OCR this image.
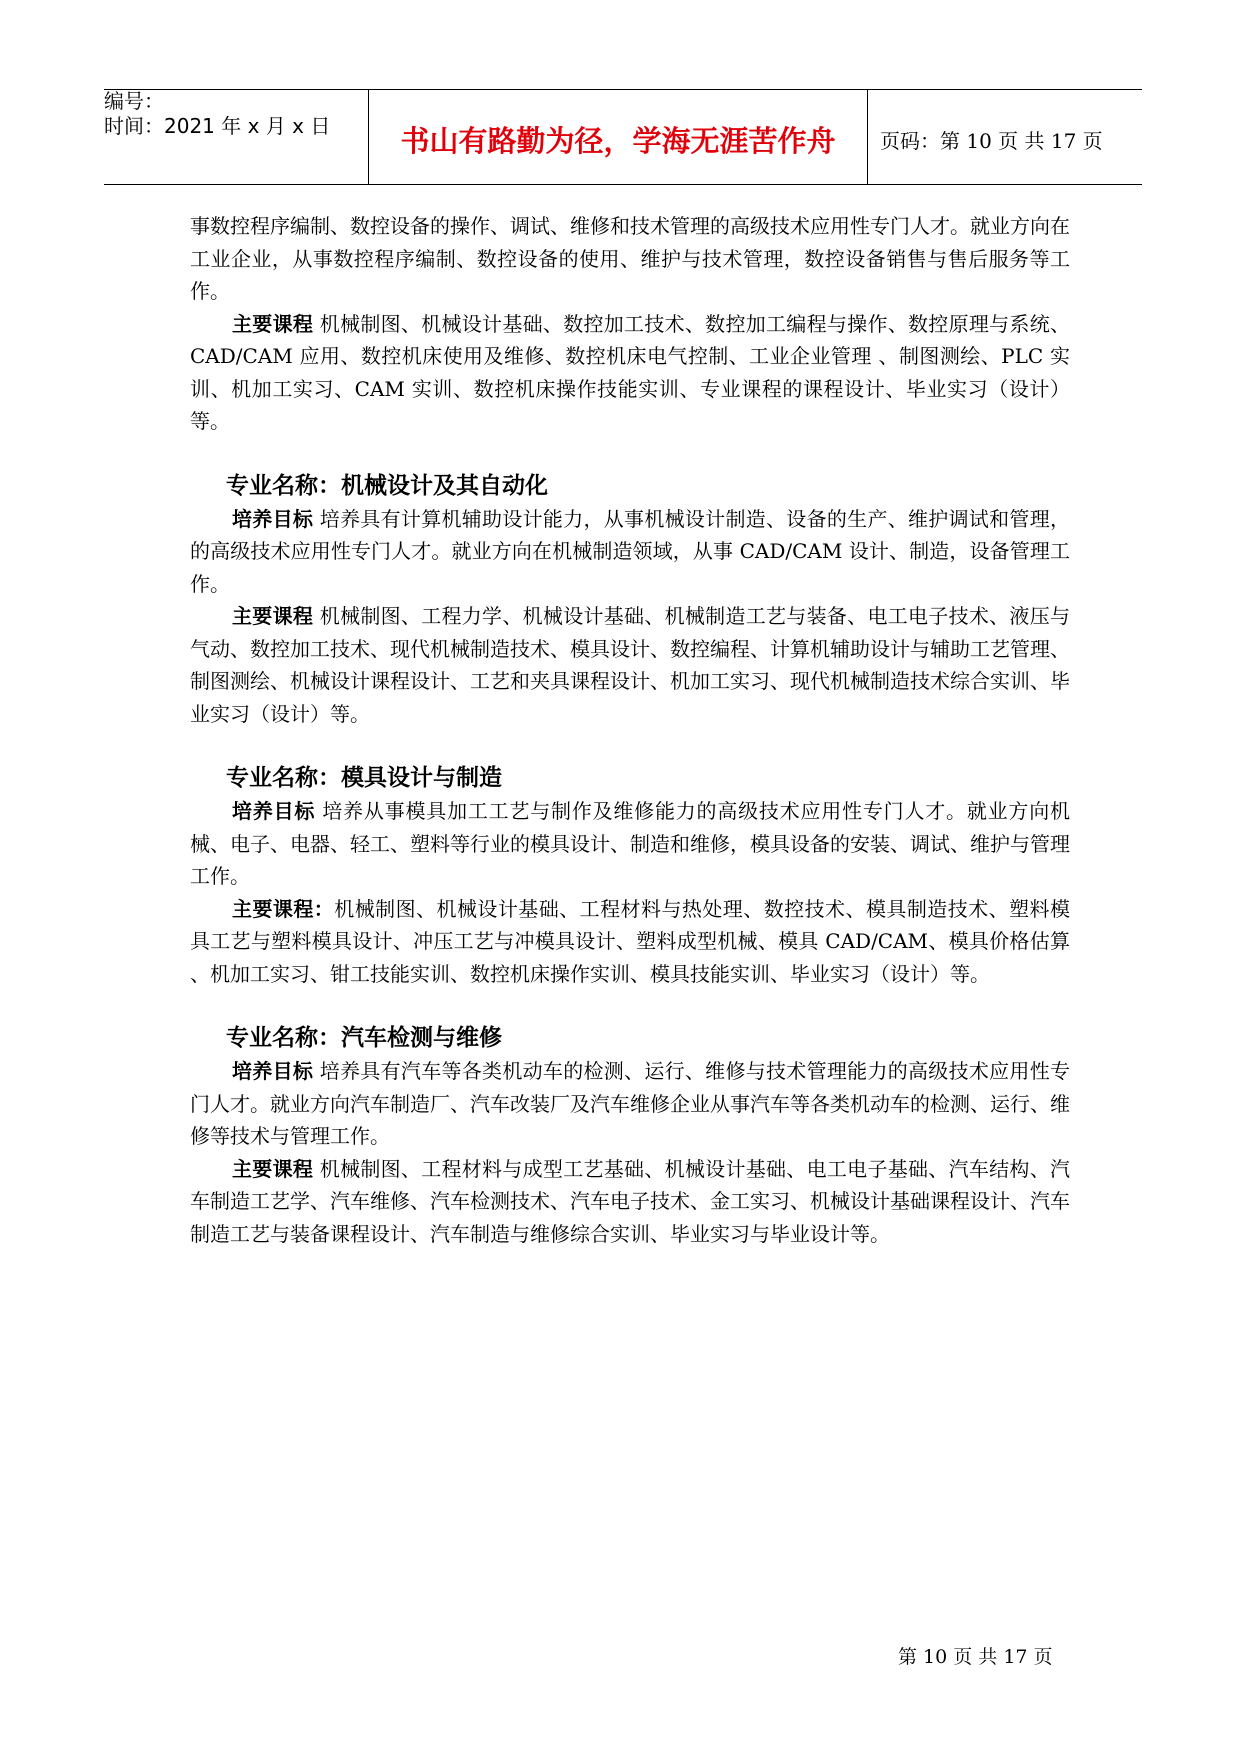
编号：
时间：2021 年 x 月 x 日	书山有路勤为径，学海无涯苦作舟	页码：第 10 页 共 17 页

事数控程序编制、数控设备的操作、调试、维修和技术管理的高级技术应用性专门人才。就业方向在工业企业，从事数控程序编制、数控设备的使用、维护与技术管理，数控设备销售与售后服务等工作。

主要课程 机械制图、机械设计基础、数控加工技术、数控加工编程与操作、数控原理与系统、CAD/CAM 应用、数控机床使用及维修、数控机床电气控制、工业企业管理 、制图测绘、PLC 实训、机加工实习、CAM 实训、数控机床操作技能实训、专业课程的课程设计、毕业实习（设计）等。

专业名称：机械设计及其自动化

培养目标 培养具有计算机辅助设计能力，从事机械设计制造、设备的生产、维护调试和管理，的高级技术应用性专门人才。就业方向在机械制造领域，从事 CAD/CAM 设计、制造，设备管理工作。

主要课程 机械制图、工程力学、机械设计基础、机械制造工艺与装备、电工电子技术、液压与气动、数控加工技术、现代机械制造技术、模具设计、数控编程、计算机辅助设计与辅助工艺管理、制图测绘、机械设计课程设计、工艺和夹具课程设计、机加工实习、现代机械制造技术综合实训、毕业实习（设计）等。

专业名称：模具设计与制造

培养目标 培养从事模具加工工艺与制作及维修能力的高级技术应用性专门人才。就业方向机械、电子、电器、轻工、塑料等行业的模具设计、制造和维修，模具设备的安装、调试、维护与管理工作。

主要课程：机械制图、机械设计基础、工程材料与热处理、数控技术、模具制造技术、塑料模具工艺与塑料模具设计、冲压工艺与冲模具设计、塑料成型机械、模具 CAD/CAM、模具价格估算 、机加工实习、钳工技能实训、数控机床操作实训、模具技能实训、毕业实习（设计）等。

专业名称：汽车检测与维修

培养目标 培养具有汽车等各类机动车的检测、运行、维修与技术管理能力的高级技术应用性专门人才。就业方向汽车制造厂、汽车改装厂及汽车维修企业从事汽车等各类机动车的检测、运行、维修等技术与管理工作。

主要课程 机械制图、工程材料与成型工艺基础、机械设计基础、电工电子基础、汽车结构、汽车制造工艺学、汽车维修、汽车检测技术、汽车电子技术、金工实习、机械设计基础课程设计、汽车制造工艺与装备课程设计、汽车制造与维修综合实训、毕业实习与毕业设计等。

第 10 页 共 17 页
